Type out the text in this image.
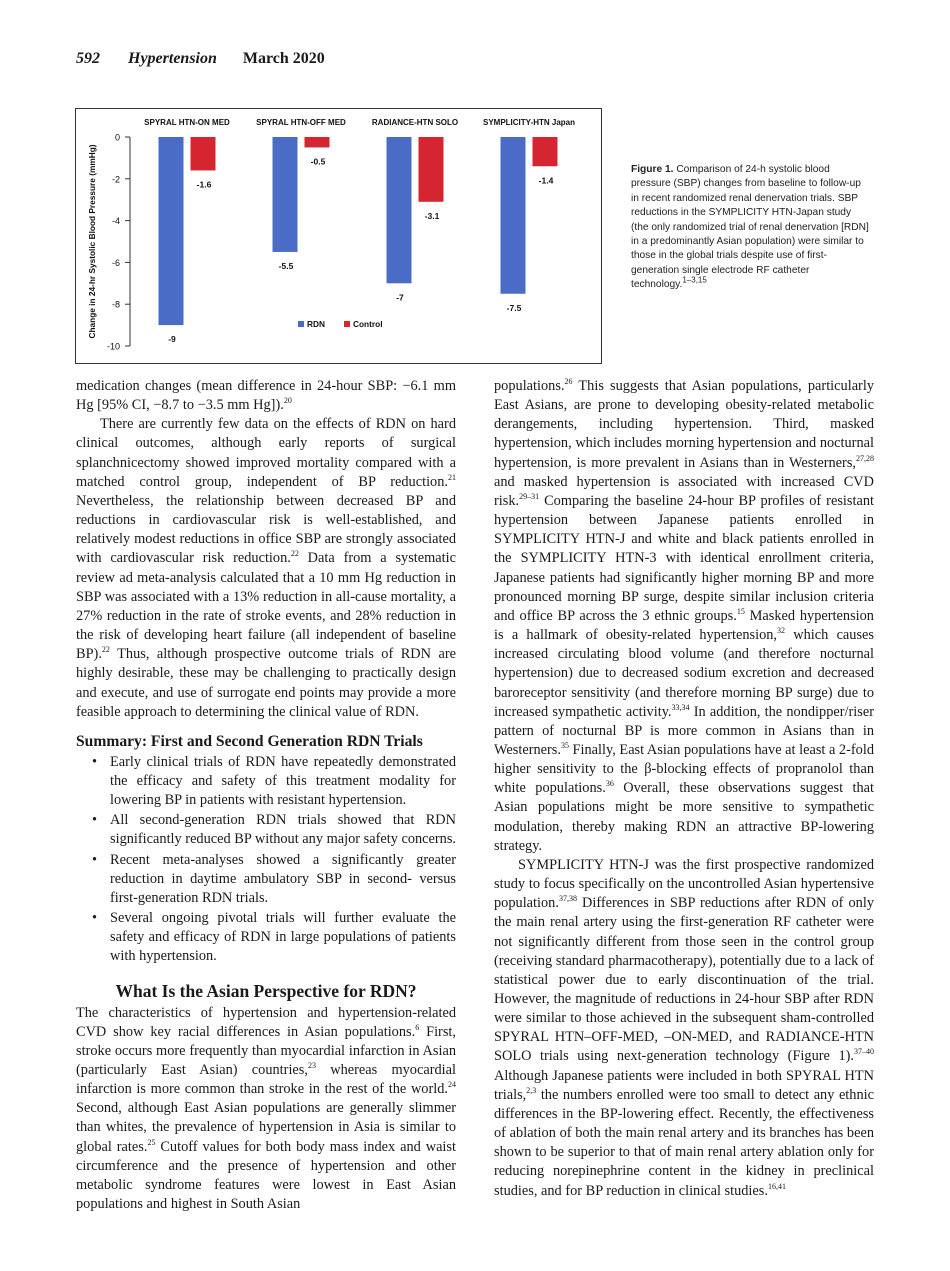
592 Hypertension March 2020
0
-2
-4
-6
-8
-10
Change in 24-hr Systolic Blood Pressure (mmHg)
SPYRAL HTN-ON MED	SPYRAL HTN-OFF MED	RADIANCE-HTN SOLO	SYMPLICITY-HTN Japan
-9
-5.5
-7
-7.5
-1.6
-0.5
-3.1
-1.4
RDN	Control
Figure 1. Comparison of 24-h systolic blood pressure (SBP) changes from baseline to follow-up in recent randomized renal denervation trials. SBP reductions in the SYMPLICITY HTN-Japan study (the only randomized trial of renal denervation [RDN] in a predominantly Asian population) were similar to those in the global trials despite use of first-generation single electrode RF catheter technology.$^{1-3,15}$

medication changes (mean difference in 24-hour SBP: −6.1 mm Hg [95% CI, −8.7 to −3.5 mm Hg]).$^{20}$

There are currently few data on the effects of RDN on hard clinical outcomes, although early reports of surgical splanchnicectomy showed improved mortality compared with a matched control group, independent of BP reduction.$^{21}$ Nevertheless, the relationship between decreased BP and reductions in cardiovascular risk is well-established, and relatively modest reductions in office SBP are strongly associated with cardiovascular risk reduction.$^{22}$ Data from a systematic review ad meta-analysis calculated that a 10 mm Hg reduction in SBP was associated with a 13% reduction in all-cause mortality, a 27% reduction in the rate of stroke events, and 28% reduction in the risk of developing heart failure (all independent of baseline BP).$^{22}$ Thus, although prospective outcome trials of RDN are highly desirable, these may be challenging to practically design and execute, and use of surrogate end points may provide a more feasible approach to determining the clinical value of RDN.

Summary: First and Second Generation RDN Trials
• Early clinical trials of RDN have repeatedly demonstrated the efficacy and safety of this treatment modality for lowering BP in patients with resistant hypertension.
• All second-generation RDN trials showed that RDN significantly reduced BP without any major safety concerns.
• Recent meta-analyses showed a significantly greater reduction in daytime ambulatory SBP in second- versus first-generation RDN trials.
• Several ongoing pivotal trials will further evaluate the safety and efficacy of RDN in large populations of patients with hypertension.
What Is the Asian Perspective for RDN?

The characteristics of hypertension and hypertension-related CVD show key racial differences in Asian populations.$^6$ First, stroke occurs more frequently than myocardial infarction in Asian (particularly East Asian) countries,$^{23}$ whereas myocardial infarction is more common than stroke in the rest of the world.$^{24}$ Second, although East Asian populations are generally slimmer than whites, the prevalence of hypertension in Asia is similar to global rates.$^{25}$ Cutoff values for both body mass index and waist circumference and the presence of hypertension and other metabolic syndrome features were lowest in East Asian populations and highest in South Asian

populations.$^{26}$ This suggests that Asian populations, particularly East Asians, are prone to developing obesity-related metabolic derangements, including hypertension. Third, masked hypertension, which includes morning hypertension and nocturnal hypertension, is more prevalent in Asians than in Westerners,$^{27,28}$ and masked hypertension is associated with increased CVD risk.$^{29-31}$ Comparing the baseline 24-hour BP profiles of resistant hypertension between Japanese patients enrolled in SYMPLICITY HTN-J and white and black patients enrolled in the SYMPLICITY HTN-3 with identical enrollment criteria, Japanese patients had significantly higher morning BP and more pronounced morning BP surge, despite similar inclusion criteria and office BP across the 3 ethnic groups.$^{15}$ Masked hypertension is a hallmark of obesity-related hypertension,$^{32}$ which causes increased circulating blood volume (and therefore nocturnal hypertension) due to decreased sodium excretion and decreased baroreceptor sensitivity (and therefore morning BP surge) due to increased sympathetic activity.$^{33,34}$ In addition, the nondipper/riser pattern of nocturnal BP is more common in Asians than in Westerners.$^{35}$ Finally, East Asian populations have at least a 2-fold higher sensitivity to the β-blocking effects of propranolol than white populations.$^{36}$ Overall, these observations suggest that Asian populations might be more sensitive to sympathetic modulation, thereby making RDN an attractive BP-lowering strategy.

SYMPLICITY HTN-J was the first prospective randomized study to focus specifically on the uncontrolled Asian hypertensive population.$^{37,38}$ Differences in SBP reductions after RDN of only the main renal artery using the first-generation RF catheter were not significantly different from those seen in the control group (receiving standard pharmacotherapy), potentially due to a lack of statistical power due to early discontinuation of the trial. However, the magnitude of reductions in 24-hour SBP after RDN were similar to those achieved in the subsequent sham-controlled SPYRAL HTN–OFF-MED, –ON-MED, and RADIANCE-HTN SOLO trials using next-generation technology (Figure 1).$^{37-40}$ Although Japanese patients were included in both SPYRAL HTN trials,$^{2,3}$ the numbers enrolled were too small to detect any ethnic differences in the BP-lowering effect. Recently, the effectiveness of ablation of both the main renal artery and its branches has been shown to be superior to that of main renal artery ablation only for reducing norepinephrine content in the kidney in preclinical studies, and for BP reduction in clinical studies.$^{16,41}$
